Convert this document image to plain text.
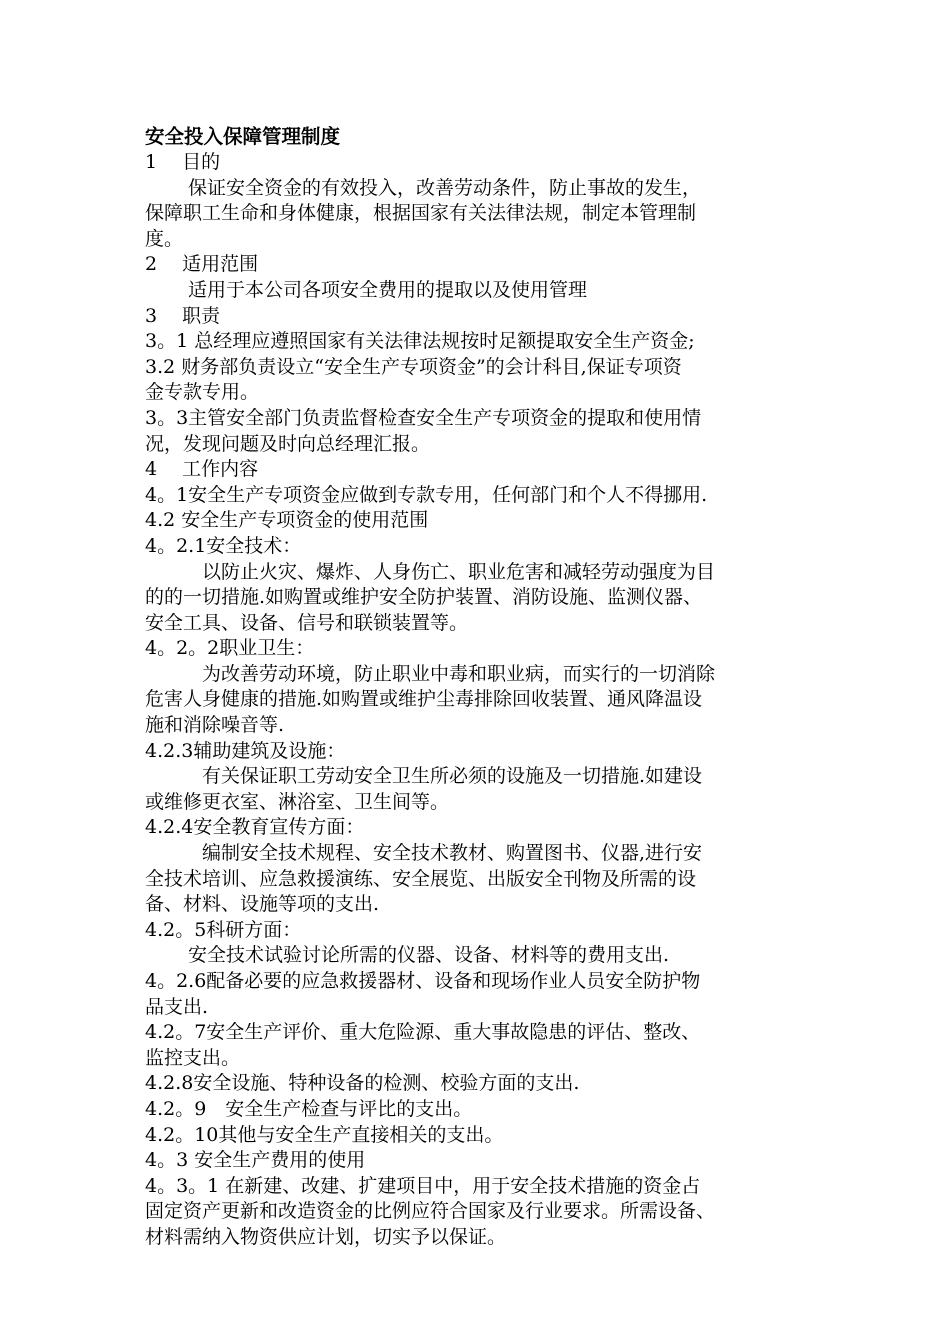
安全投入保障管理制度
1 目的
保证安全资金的有效投入，改善劳动条件，防止事故的发生，
保障职工生命和身体健康，根据国家有关法律法规，制定本管理制
度。
2 适用范围
适用于本公司各项安全费用的提取以及使用管理
3 职责
3。1 总经理应遵照国家有关法律法规按时足额提取安全生产资金;
3.2 财务部负责设立“安全生产专项资金”的会计科目,保证专项资
金专款专用。
3。3主管安全部门负责监督检查安全生产专项资金的提取和使用情
况，发现问题及时向总经理汇报。
4 工作内容
4。1安全生产专项资金应做到专款专用，任何部门和个人不得挪用.
4.2 安全生产专项资金的使用范围
4。2.1安全技术：
以防止火灾、爆炸、人身伤亡、职业危害和减轻劳动强度为目
的的一切措施.如购置或维护安全防护装置、消防设施、监测仪器、
安全工具、设备、信号和联锁装置等。
4。2。2职业卫生：
为改善劳动环境，防止职业中毒和职业病，而实行的一切消除
危害人身健康的措施.如购置或维护尘毒排除回收装置、通风降温设
施和消除噪音等.
4.2.3辅助建筑及设施：
有关保证职工劳动安全卫生所必须的设施及一切措施.如建设
或维修更衣室、淋浴室、卫生间等。
4.2.4安全教育宣传方面：
编制安全技术规程、安全技术教材、购置图书、仪器,进行安
全技术培训、应急救援演练、安全展览、出版安全刊物及所需的设
备、材料、设施等项的支出.
4.2。5科研方面：
安全技术试验讨论所需的仪器、设备、材料等的费用支出.
4。2.6配备必要的应急救援器材、设备和现场作业人员安全防护物
品支出.
4.2。7安全生产评价、重大危险源、重大事故隐患的评估、整改、
监控支出。
4.2.8安全设施、特种设备的检测、校验方面的支出.
4.2。9　安全生产检查与评比的支出。
4.2。10其他与安全生产直接相关的支出。
4。3 安全生产费用的使用
4。3。1 在新建、改建、扩建项目中，用于安全技术措施的资金占
固定资产更新和改造资金的比例应符合国家及行业要求。所需设备、
材料需纳入物资供应计划，切实予以保证。
